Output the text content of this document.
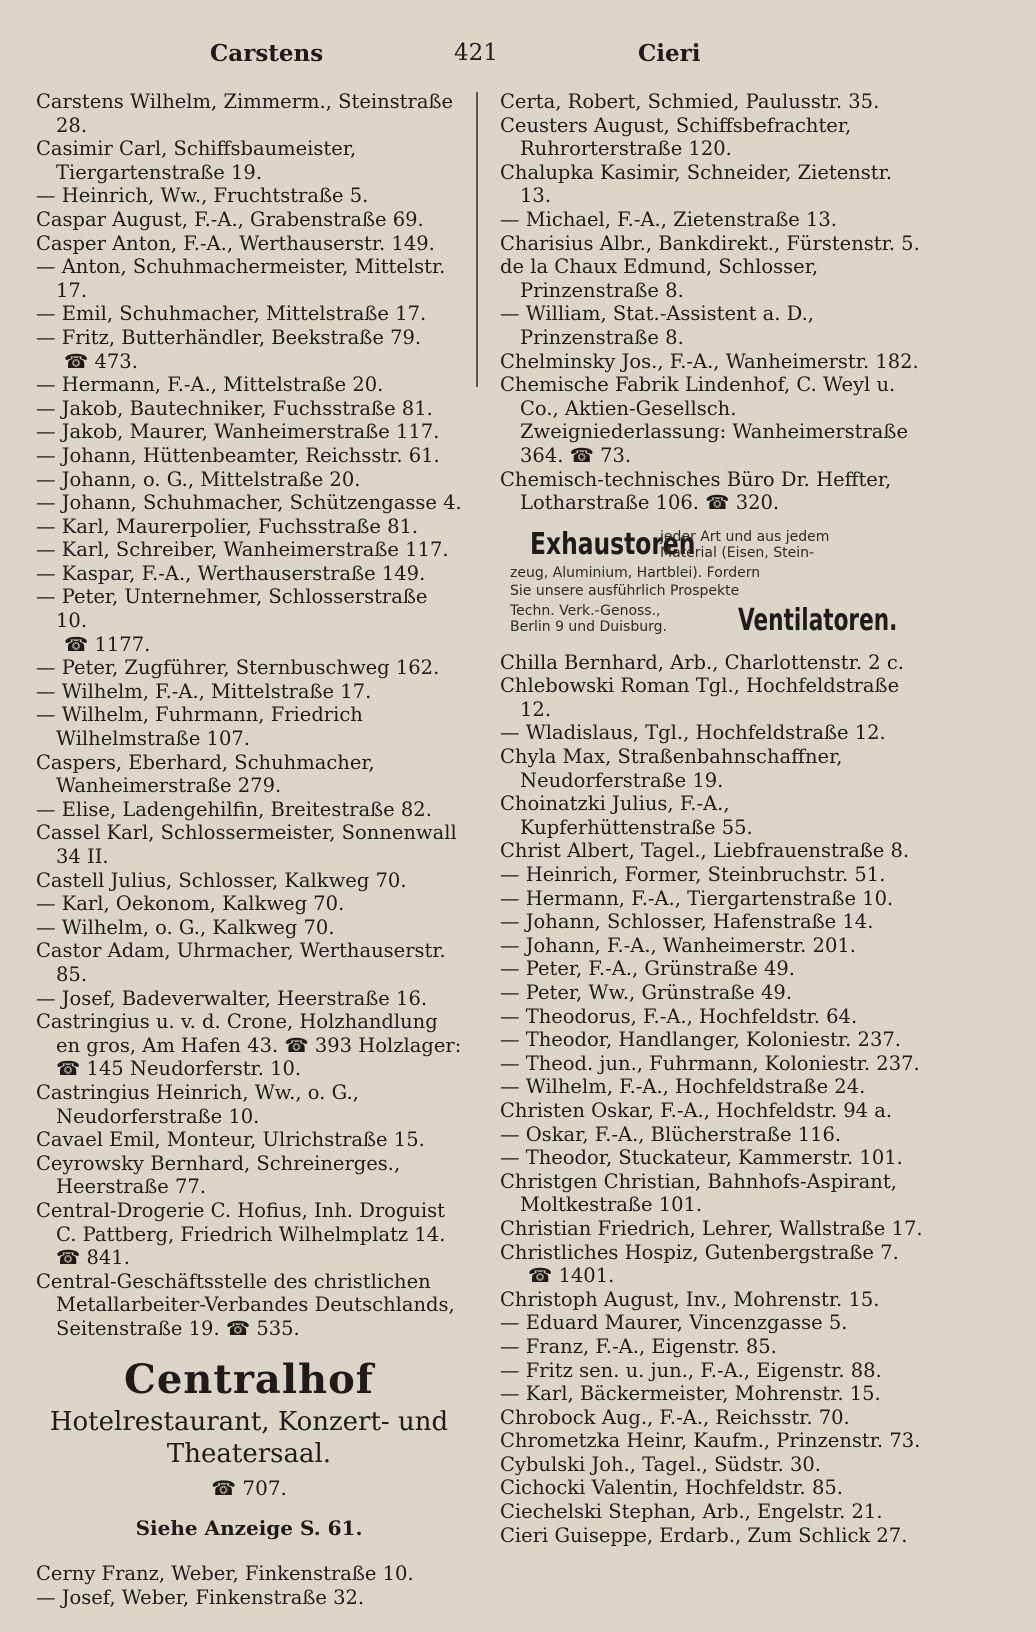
Carstens	421	Cieri
Carstens Wilhelm, Zimmerm., Steinstraße 28.
Casimir Carl, Schiffsbaumeister, Tiergartenstraße 19.
— Heinrich, Ww., Fruchtstraße 5.
Caspar August, F.-A., Grabenstraße 69.
Casper Anton, F.-A., Werthauserstr. 149.
— Anton, Schuhmachermeister, Mittelstr. 17.
— Emil, Schuhmacher, Mittelstraße 17.
— Fritz, Butterhändler, Beekstraße 79.
☎ 473.
— Hermann, F.-A., Mittelstraße 20.
— Jakob, Bautechniker, Fuchsstraße 81.
— Jakob, Maurer, Wanheimerstraße 117.
— Johann, Hüttenbeamter, Reichsstr. 61.
— Johann, o. G., Mittelstraße 20.
— Johann, Schuhmacher, Schützengasse 4.
— Karl, Maurerpolier, Fuchsstraße 81.
— Karl, Schreiber, Wanheimerstraße 117.
— Kaspar, F.-A., Werthauserstraße 149.
— Peter, Unternehmer, Schlosserstraße 10.
☎ 1177.
— Peter, Zugführer, Sternbuschweg 162.
— Wilhelm, F.-A., Mittelstraße 17.
— Wilhelm, Fuhrmann, Friedrich Wilhelmstraße 107.
Caspers, Eberhard, Schuhmacher, Wanheimerstraße 279.
— Elise, Ladengehilfin, Breitestraße 82.
Cassel Karl, Schlossermeister, Sonnenwall 34 II.
Castell Julius, Schlosser, Kalkweg 70.
— Karl, Oekonom, Kalkweg 70.
— Wilhelm, o. G., Kalkweg 70.
Castor Adam, Uhrmacher, Werthauserstr. 85.
— Josef, Badeverwalter, Heerstraße 16.
Castringius u. v. d. Crone, Holzhandlung en gros, Am Hafen 43. ☎ 393 Holzlager: ☎ 145 Neudorferstr. 10.
Castringius Heinrich, Ww., o. G., Neudorferstraße 10.
Cavael Emil, Monteur, Ulrichstraße 15.
Ceyrowsky Bernhard, Schreinerges., Heerstraße 77.
Central-Drogerie C. Hofius, Inh. Droguist C. Pattberg, Friedrich Wilhelmplatz 14. ☎ 841.
Central-Geschäftsstelle des christlichen Metallarbeiter-Verbandes Deutschlands, Seitenstraße 19. ☎ 535.
Centralhof
Hotelrestaurant, Konzert- und Theatersaal.
☎ 707.
Siehe Anzeige S. 61.
Cerny Franz, Weber, Finkenstraße 10.
— Josef, Weber, Finkenstraße 32.
Certa, Robert, Schmied, Paulusstr. 35.
Ceusters August, Schiffsbefrachter, Ruhrorterstraße 120.
Chalupka Kasimir, Schneider, Zietenstr. 13.
— Michael, F.-A., Zietenstraße 13.
Charisius Albr., Bankdirekt., Fürstenstr. 5.
de la Chaux Edmund, Schlosser, Prinzenstraße 8.
— William, Stat.-Assistent a. D., Prinzenstraße 8.
Chelminsky Jos., F.-A., Wanheimerstr. 182.
Chemische Fabrik Lindenhof, C. Weyl u. Co., Aktien-Gesellsch. Zweigniederlassung: Wanheimerstraße 364. ☎ 73.
Chemisch-technisches Büro Dr. Heffter, Lotharstraße 106. ☎ 320.
Exhaustoren
jeder Art und aus jedem
Material (Eisen, Stein-
zeug, Aluminium, Hartblei). Fordern
Sie unsere ausführlich Prospekte
Techn. Verk.-Genoss.,
Berlin 9 und Duisburg. Ventilatoren.
Chilla Bernhard, Arb., Charlottenstr. 2 c.
Chlebowski Roman Tgl., Hochfeldstraße 12.
— Wladislaus, Tgl., Hochfeldstraße 12.
Chyla Max, Straßenbahnschaffner, Neudorferstraße 19.
Choinatzki Julius, F.-A., Kupferhüttenstraße 55.
Christ Albert, Tagel., Liebfrauenstraße 8.
— Heinrich, Former, Steinbruchstr. 51.
— Hermann, F.-A., Tiergartenstraße 10.
— Johann, Schlosser, Hafenstraße 14.
— Johann, F.-A., Wanheimerstr. 201.
— Peter, F.-A., Grünstraße 49.
— Peter, Ww., Grünstraße 49.
— Theodorus, F.-A., Hochfeldstr. 64.
— Theodor, Handlanger, Koloniestr. 237.
— Theod. jun., Fuhrmann, Koloniestr. 237.
— Wilhelm, F.-A., Hochfeldstraße 24.
Christen Oskar, F.-A., Hochfeldstr. 94 a.
— Oskar, F.-A., Blücherstraße 116.
— Theodor, Stuckateur, Kammerstr. 101.
Christgen Christian, Bahnhofs-Aspirant, Moltkestraße 101.
Christian Friedrich, Lehrer, Wallstraße 17.
Christliches Hospiz, Gutenbergstraße 7.
☎ 1401.
Christoph August, Inv., Mohrenstr. 15.
— Eduard Maurer, Vincenzgasse 5.
— Franz, F.-A., Eigenstr. 85.
— Fritz sen. u. jun., F.-A., Eigenstr. 88.
— Karl, Bäckermeister, Mohrenstr. 15.
Chrobock Aug., F.-A., Reichsstr. 70.
Chrometzka Heinr, Kaufm., Prinzenstr. 73.
Cybulski Joh., Tagel., Südstr. 30.
Cichocki Valentin, Hochfeldstr. 85.
Ciechelski Stephan, Arb., Engelstr. 21.
Cieri Guiseppe, Erdarb., Zum Schlick 27.
